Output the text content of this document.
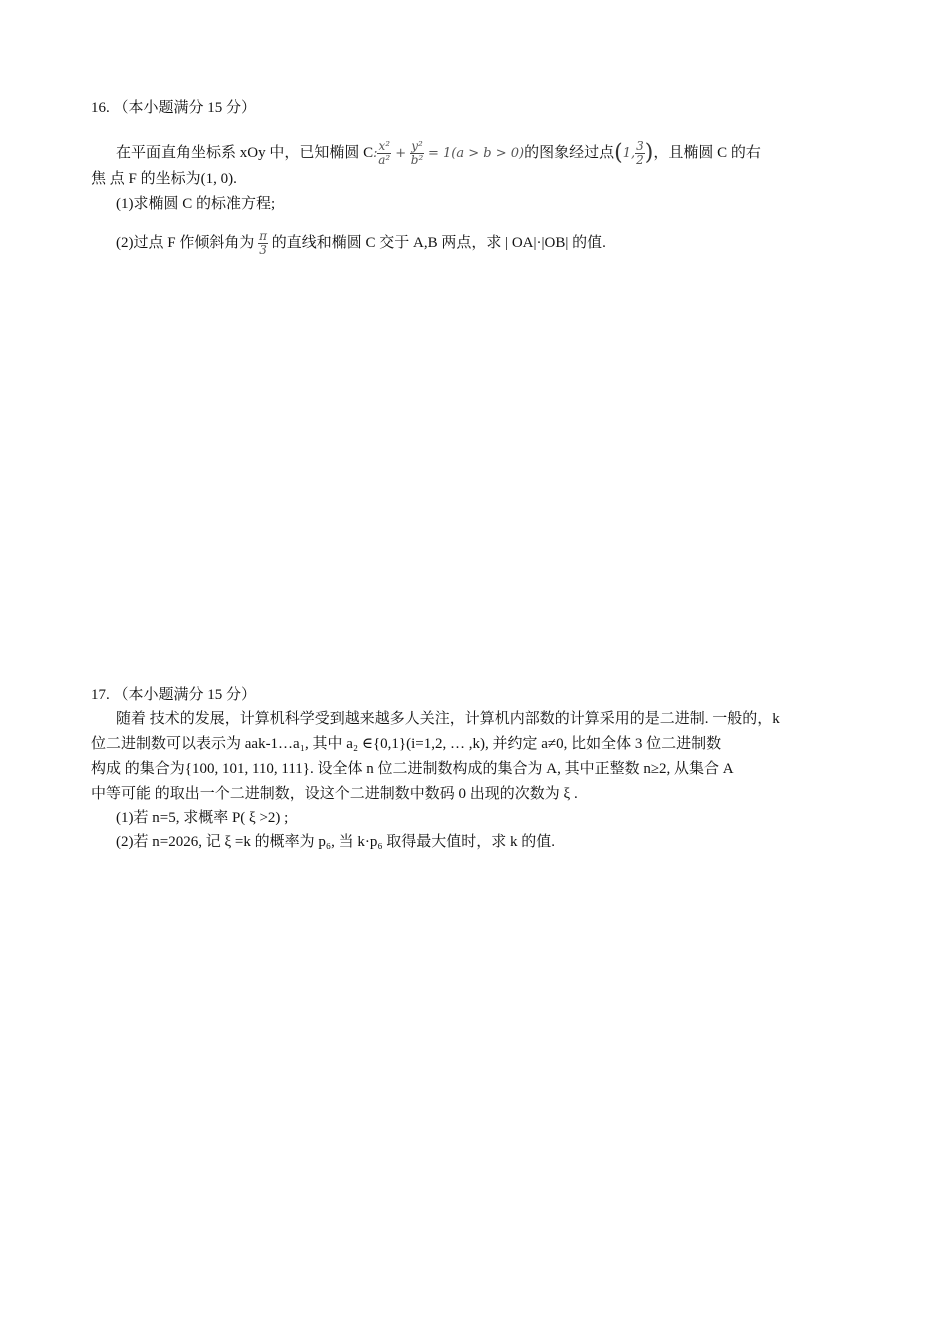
16. （本小题满分 15 分）
在平面直角坐标系 xOy 中，已知椭圆 C: $\frac{\text{x²}}{\text{a²}} + \frac{\text{y²}}{\text{b²}} = 1(a > b > 0)$的图象经过点(1, $\frac{3}{2}$ )，且椭圆 C 的右
焦 点 F 的坐标为(1, 0).
(1)求椭圆 C 的标准方程;
(2)过点 F 作倾斜角为 $\frac{\pi}{3}$ 的直线和椭圆 C 交于 A,B 两点，求 | OA|·|OB| 的值.
17. （本小题满分 15 分）
随着 技术的发展，计算机科学受到越来越多人关注，计算机内部数的计算采用的是二进制. 一般的，k
位二进制数可以表示为 aak-1…a₁, 其中 a₂ ∈{0,1}(i=1,2, … ,k), 并约定 a≠0, 比如全体 3 位二进制数
构成 的集合为{100, 101, 110, 111}. 设全体 n 位二进制数构成的集合为 A, 其中正整数 n≥2, 从集合 A
中等可能 的取出一个二进制数，设这个二进制数中数码 0 出现的次数为 ξ .
(1)若 n=5, 求概率 P( ξ >2) ;
(2)若 n=2026, 记 ξ =k 的概率为 p₆, 当 k·p₆ 取得最大值时，求 k 的值.
